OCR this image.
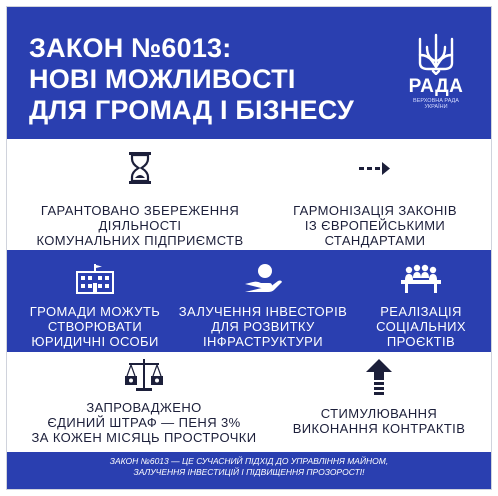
ЗАКОН №6013:
НОВІ МОЖЛИВОСТІ
ДЛЯ ГРОМАД І БІЗНЕСУ
РАДА
ВЕРХОВНА РАДА
УКРАЇНИ
ГАРАНТОВАНО ЗБЕРЕЖЕННЯ
ДІЯЛЬНОСТІ
КОМУНАЛЬНИХ ПІДПРИЄМСТВ
ГАРМОНІЗАЦІЯ ЗАКОНІВ
ІЗ ЄВРОПЕЙСЬКИМИ
СТАНДАРТАМИ
ГРОМАДИ МОЖУТЬ
СТВОРЮВАТИ
ЮРИДИЧНІ ОСОБИ
ЗАЛУЧЕННЯ ІНВЕСТОРІВ
ДЛЯ РОЗВИТКУ
ІНФРАСТРУКТУРИ
РЕАЛІЗАЦІЯ
СОЦІАЛЬНИХ
ПРОЄКТІВ
ЗАПРОВАДЖЕНО
ЄДИНИЙ ШТРАФ — ПЕНЯ 3%
ЗА КОЖЕН МІСЯЦЬ ПРОСТРОЧКИ
СТИМУЛЮВАННЯ
ВИКОНАННЯ КОНТРАКТІВ
ЗАКОН №6013 — ЦЕ СУЧАСНИЙ ПІДХІД ДО УПРАВЛІННЯ МАЙНОМ,
ЗАЛУЧЕННЯ ІНВЕСТИЦІЙ І ПІДВИЩЕННЯ ПРОЗОРОСТІ!
